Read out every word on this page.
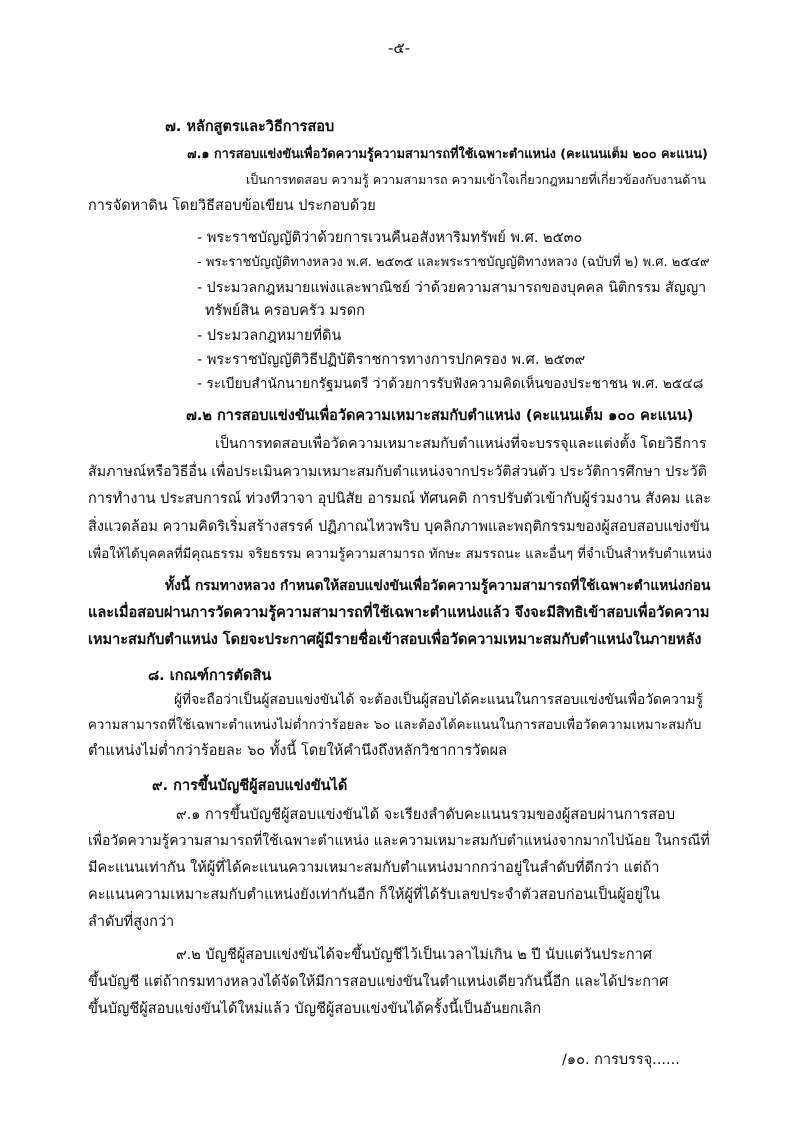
-๕-
๗. หลักสูตรและวิธีการสอบ
๗.๑ การสอบแข่งขันเพื่อวัดความรู้ความสามารถที่ใช้เฉพาะตำแหน่ง (คะแนนเต็ม ๒๐๐ คะแนน)
เป็นการทดสอบ ความรู้ ความสามารถ ความเข้าใจเกี่ยวกฎหมายที่เกี่ยวข้องกับงานด้าน
การจัดหาดิน โดยวิธีสอบข้อเขียน ประกอบด้วย
- พระราชบัญญัติว่าด้วยการเวนคืนอสังหาริมทรัพย์ พ.ศ. ๒๕๓๐
- พระราชบัญญัติทางหลวง พ.ศ. ๒๕๓๕ และพระราชบัญญัติทางหลวง (ฉบับที่ ๒) พ.ศ. ๒๕๔๙
- ประมวลกฎหมายแพ่งและพาณิชย์ ว่าด้วยความสามารถของบุคคล นิติกรรม สัญญา
ทรัพย์สิน ครอบครัว มรดก
- ประมวลกฎหมายที่ดิน
- พระราชบัญญัติวิธีปฏิบัติราชการทางการปกครอง พ.ศ. ๒๕๓๙
- ระเบียบสำนักนายกรัฐมนตรี ว่าด้วยการรับฟังความคิดเห็นของประชาชน พ.ศ. ๒๕๔๘
๗.๒ การสอบแข่งขันเพื่อวัดความเหมาะสมกับตำแหน่ง (คะแนนเต็ม ๑๐๐ คะแนน)
เป็นการทดสอบเพื่อวัดความเหมาะสมกับตำแหน่งที่จะบรรจุและแต่งตั้ง โดยวิธีการ
สัมภาษณ์หรือวิธีอื่น เพื่อประเมินความเหมาะสมกับตำแหน่งจากประวัติส่วนตัว ประวัติการศึกษา ประวัติ
การทำงาน ประสบการณ์ ท่วงทีวาจา อุปนิสัย อารมณ์ ทัศนคติ การปรับตัวเข้ากับผู้ร่วมงาน สังคม และ
สิ่งแวดล้อม ความคิดริเริ่มสร้างสรรค์ ปฏิภาณไหวพริบ บุคลิกภาพและพฤติกรรมของผู้สอบสอบแข่งขัน
เพื่อให้ได้บุคคลที่มีคุณธรรม จริยธรรม ความรู้ความสามารถ ทักษะ สมรรถนะ และอื่นๆ ที่จำเป็นสำหรับตำแหน่ง
ทั้งนี้ กรมทางหลวง กำหนดให้สอบแข่งขันเพื่อวัดความรู้ความสามารถที่ใช้เฉพาะตำแหน่งก่อน
และเมื่อสอบผ่านการวัดความรู้ความสามารถที่ใช้เฉพาะตำแหน่งแล้ว จึงจะมีสิทธิเข้าสอบเพื่อวัดความ
เหมาะสมกับตำแหน่ง โดยจะประกาศผู้มีรายชื่อเข้าสอบเพื่อวัดความเหมาะสมกับตำแหน่งในภายหลัง
๘. เกณฑ์การตัดสิน
ผู้ที่จะถือว่าเป็นผู้สอบแข่งขันได้ จะต้องเป็นผู้สอบได้คะแนนในการสอบแข่งขันเพื่อวัดความรู้
ความสามารถที่ใช้เฉพาะตำแหน่งไม่ต่ำกว่าร้อยละ ๖๐ และต้องได้คะแนนในการสอบเพื่อวัดความเหมาะสมกับ
ตำแหน่งไม่ต่ำกว่าร้อยละ ๖๐ ทั้งนี้ โดยให้คำนึงถึงหลักวิชาการวัดผล
๙. การขึ้นบัญชีผู้สอบแข่งขันได้
๙.๑ การขึ้นบัญชีผู้สอบแข่งขันได้ จะเรียงลำดับคะแนนรวมของผู้สอบผ่านการสอบ
เพื่อวัดความรู้ความสามารถที่ใช้เฉพาะตำแหน่ง และความเหมาะสมกับตำแหน่งจากมากไปน้อย ในกรณีที่
มีคะแนนเท่ากัน ให้ผู้ที่ได้คะแนนความเหมาะสมกับตำแหน่งมากกว่าอยู่ในลำดับที่ดีกว่า แต่ถ้า
คะแนนความเหมาะสมกับตำแหน่งยังเท่ากันอีก ก็ให้ผู้ที่ได้รับเลขประจำตัวสอบก่อนเป็นผู้อยู่ใน
ลำดับที่สูงกว่า
๙.๒ บัญชีผู้สอบแข่งขันได้จะขึ้นบัญชีไว้เป็นเวลาไม่เกิน ๒ ปี นับแต่วันประกาศ
ขึ้นบัญชี แต่ถ้ากรมทางหลวงได้จัดให้มีการสอบแข่งขันในตำแหน่งเดียวกันนี้อีก และได้ประกาศ
ขึ้นบัญชีผู้สอบแข่งขันได้ใหม่แล้ว บัญชีผู้สอบแข่งขันได้ครั้งนี้เป็นอันยกเลิก
/๑๐. การบรรจุ......
